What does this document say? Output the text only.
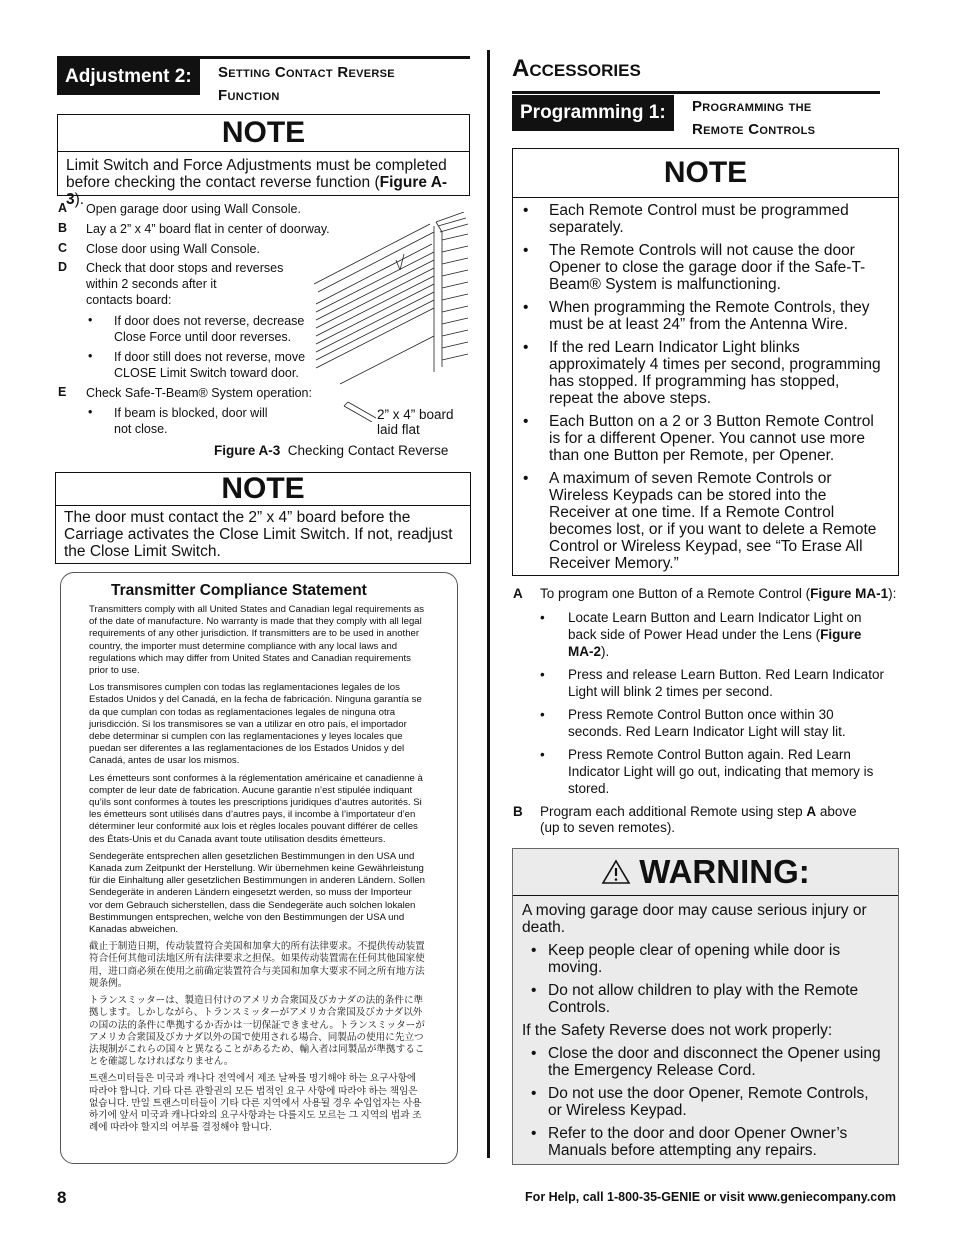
Adjustment 2:	Setting Contact Reverse
Function
NOTE
Limit Switch and Force Adjustments must be completed before checking the contact reverse function (Figure A-3).
A Open garage door using Wall Console.
B Lay a 2” x 4” board flat in center of doorway.
C Close door using Wall Console.
D Check that door stops and reverses
within 2 seconds after it
contacts board:
• If door does not reverse, decrease
Close Force until door reverses.
• If door still does not reverse, move
CLOSE Limit Switch toward door.
E Check Safe-T-Beam® System operation:
• If beam is blocked, door will
not close.
2” x 4” board
laid flat
Figure A-3 Checking Contact Reverse
NOTE
The door must contact the 2” x 4” board before the Carriage activates the Close Limit Switch. If not, readjust the Close Limit Switch.
Transmitter Compliance Statement

Transmitters comply with all United States and Canadian legal requirements as of the date of manufacture. No warranty is made that they comply with all legal requirements of any other jurisdiction. If transmitters are to be used in another country, the importer must determine compliance with any local laws and regulations which may differ from United States and Canadian requirements prior to use.

Los transmisores cumplen con todas las reglamentaciones legales de los Estados Unidos y del Canadá, en la fecha de fabricación. Ninguna garantía se da que cumplan con todas as reglamentaciones legales de ninguna otra jurisdicción. Si los transmisores se van a utilizar en otro país, el importador debe determinar si cumplen con las reglamentaciones y leyes locales que puedan ser diferentes a las reglamentaciones de los Estados Unidos y del Canadá, antes de usar los mismos.

Les émetteurs sont conformes à la réglementation américaine et canadienne à compter de leur date de fabrication. Aucune garantie n’est stipulée indiquant qu’ils sont conformes à toutes les prescriptions juridiques d’autres autorités. Si les émetteurs sont utilisés dans d’autres pays, il incombe à l’importateur d’en déterminer leur conformité aux lois et règles locales pouvant différer de celles des États-Unis et du Canada avant toute utilisation desdits émetteurs.

Sendegeräte entsprechen allen gesetzlichen Bestimmungen in den USA und Kanada zum Zeitpunkt der Herstellung. Wir übernehmen keine Gewährleistung für die Einhaltung aller gesetzlichen Bestimmungen in anderen Ländern. Sollen Sendegeräte in anderen Ländern eingesetzt werden, so muss der Importeur vor dem Gebrauch sicherstellen, dass die Sendegeräte auch solchen lokalen Bestimmungen entsprechen, welche von den Bestimmungen der USA und Kanadas abweichen.

截止于制造日期，传动装置符合美国和加拿大的所有法律要求。不提供传动装置符合任何其他司法地区所有法律要求之担保。如果传动装置需在任何其他国家使用，进口商必须在使用之前确定装置符合与美国和加拿大要求不同之所有地方法规条例。

トランスミッターは、製造日付けのアメリカ合衆国及びカナダの法的条件に準拠します。しかしながら、トランスミッターがアメリカ合衆国及びカナダ以外の国の法的条件に準拠するか否かは一切保証できません。トランスミッターがアメリカ合衆国及びカナダ以外の国で使用される場合、同製品の使用に先立つ法規制がこれらの国々と異なることがあるため、輸入者は同製品が準拠することを確認しなければなりません。

트랜스미터들은 미국과 캐나다 전역에서 제조 날짜를 명기해야 하는 요구사항에 따라야 합니다. 기타 다른 관할권의 모든 법적인 요구 사항에 따라야 하는 책임은 없습니다. 만일 트랜스미터들이 기타 다른 지역에서 사용될 경우 수입업자는 사용하기에 앞서 미국과 캐나다와의 요구사항과는 다를지도 모르는 그 지역의 법과 조례에 따라야 할지의 여부를 결정해야 합니다.

Accessories
Programming 1:	Programming the
Remote Controls
NOTE
• Each Remote Control must be programmed separately.
• The Remote Controls will not cause the door Opener to close the garage door if the Safe-T-Beam® System is malfunctioning.
• When programming the Remote Controls, they must be at least 24” from the Antenna Wire.
• If the red Learn Indicator Light blinks approximately 4 times per second, programming has stopped. If programming has stopped, repeat the above steps.
• Each Button on a 2 or 3 Button Remote Control is for a different Opener. You cannot use more than one Button per Remote, per Opener.
• A maximum of seven Remote Controls or Wireless Keypads can be stored into the Receiver at one time. If a Remote Control becomes lost, or if you want to delete a Remote Control or Wireless Keypad, see “To Erase All Receiver Memory.”
A To program one Button of a Remote Control (Figure MA-1):
• Locate Learn Button and Learn Indicator Light on back side of Power Head under the Lens (Figure MA-2).
• Press and release Learn Button. Red Learn Indicator Light will blink 2 times per second.
• Press Remote Control Button once within 30 seconds. Red Learn Indicator Light will stay lit.
• Press Remote Control Button again. Red Learn Indicator Light will go out, indicating that memory is stored.
B Program each additional Remote using step A above (up to seven remotes).
WARNING:
A moving garage door may cause serious injury or death.
• Keep people clear of opening while door is moving.
• Do not allow children to play with the Remote Controls.
If the Safety Reverse does not work properly:
• Close the door and disconnect the Opener using the Emergency Release Cord.
• Do not use the door Opener, Remote Controls, or Wireless Keypad.
• Refer to the door and door Opener Owner’s Manuals before attempting any repairs.
8	For Help, call 1-800-35-GENIE or visit www.geniecompany.com
